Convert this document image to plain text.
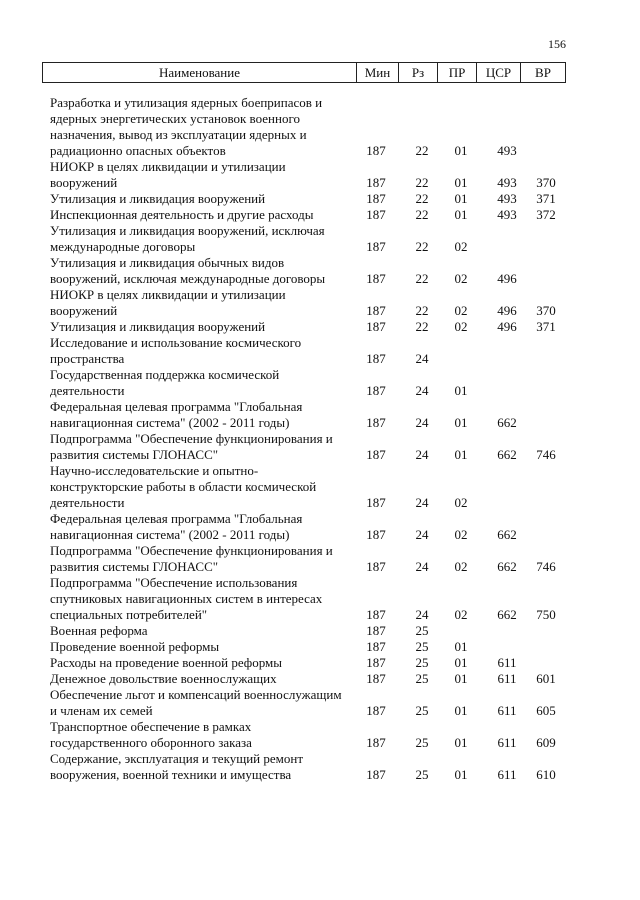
156
Наименование	Мин	Рз	ПР	ЦСР	ВР
Разработка и утилизация ядерных боеприпасов и ядерных энергетических установок военного назначения, вывод из эксплуатации ядерных и радиационно опасных объектов	187	22	01	493
НИОКР в целях ликвидации и утилизации вооружений	187	22	01	493	370
Утилизация и ликвидация вооружений	187	22	01	493	371
Инспекционная деятельность и другие расходы	187	22	01	493	372
Утилизация и ликвидация вооружений, исключая международные договоры	187	22	02
Утилизация и ликвидация обычных видов вооружений, исключая международные договоры	187	22	02	496
НИОКР в целях ликвидации и утилизации вооружений	187	22	02	496	370
Утилизация и ликвидация вооружений	187	22	02	496	371
Исследование и использование космического пространства	187	24
Государственная поддержка космической деятельности	187	24	01
Федеральная целевая программа "Глобальная навигационная система" (2002 - 2011 годы)	187	24	01	662
Подпрограмма "Обеспечение функционирования и развития системы ГЛОНАСС"	187	24	01	662	746
Научно-исследовательские и опытно-конструкторские работы в области космической деятельности	187	24	02
Федеральная целевая программа "Глобальная навигационная система" (2002 - 2011 годы)	187	24	02	662
Подпрограмма "Обеспечение функционирования и развития системы ГЛОНАСС"	187	24	02	662	746
Подпрограмма "Обеспечение использования спутниковых навигационных систем в интересах специальных потребителей"	187	24	02	662	750
Военная реформа	187	25
Проведение военной реформы	187	25	01
Расходы на проведение военной реформы	187	25	01	611
Денежное довольствие военнослужащих	187	25	01	611	601
Обеспечение льгот и компенсаций военнослужащим и членам их семей	187	25	01	611	605
Транспортное обеспечение в рамках государственного оборонного заказа	187	25	01	611	609
Содержание, эксплуатация и текущий ремонт вооружения, военной техники и имущества	187	25	01	611	610
